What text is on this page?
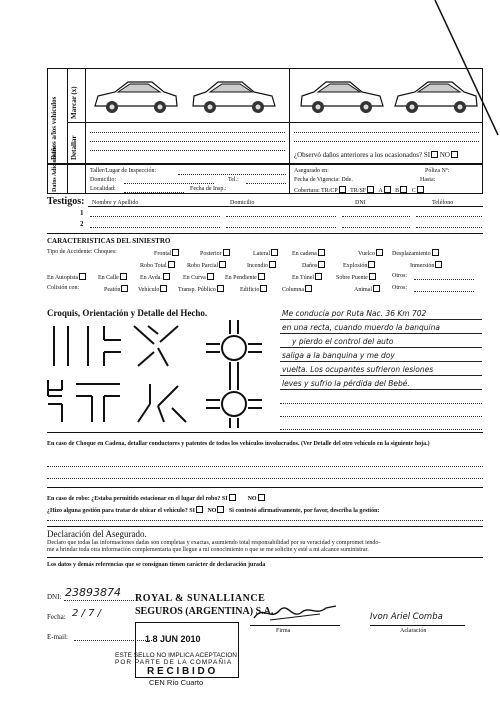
Daños a/los vehículos Marcar (x)
Detallar	¿Observó daños anteriores a los ocasionados? SI NO
Datos Adicionales	Taller/Lugar de Inspección:
Domicilio:	Tel.:
Localidad:	Fecha de Insp.:
Asegurado en:	Póliza Nº:
Fecha de Vigencia: Dde.	Hasta:
Cobertura: TR/CP TR/SF A B C
Testigos: Nombre y Apellido	Domicilio	DNI	Teléfono
1
2
CARACTERISTICAS DEL SINIESTRO
Tipo de Accidente: Choques:	Frontal	Posterior	Lateral	En cadena	Vuelco	Desplazamiento
Robo Total	Robo Parcial	Incendio	Daños	Explosión	Inmersión
En Autopista	En Calle	En Avda.	En Curva	En Pendiente	En Túnel	Sobre Puente	Otros:
Colisión con:	Peatón	Vehículo	Transp. Público	Edificio	Columna	Animal	Otros:
Croquis, Orientación y Detalle del Hecho.	Me conducía por Ruta Nac. 36 Km 702
en una recta, cuando muerdo la banquina
y pierdo el control del auto
saliga a la banquina y me doy
vuelta. Los ocupantes sufrieron lesiones
leves y sufrio la pérdida del Bebé.
En caso de Choque en Cadena, detallar conductores y patentes de todos los vehículos involucrados. (Ver Detalle del otro vehículo en la siguiente hoja.)
En caso de robo: ¿Estaba permitido estacionar en el lugar del robo? SI	NO
¿Hizo alguna gestión para tratar de ubicar el vehículo? SI NO Si contestó afirmativamente, por favor, describa la gestión:
Declaración del Asegurado.
Declaro que todas las informaciones dadas son completas y exactas, asumiendo total responsabilidad por su veracidad y compromet iendo-
me a brindar toda otra información complementaria que llegue a mi conocimiento o que se me solicite y esté a mi alcance suministrar.
Los datos y demás referencias que se consignan tienen carácter de declaración jurada
DNI: 23893874
Fecha: 2 / 7 /
E-mail:
Firma
Ivon Ariel Comba
Aclaración
ROYAL & SUNALLIANCE
SEGUROS (ARGENTINA) S.A.
1 8 JUN 2010
ESTE SELLO NO IMPLICA ACEPTACION
POR PARTE DE LA COMPAÑIA
R E C I B I D O
CEN Río Cuarto
